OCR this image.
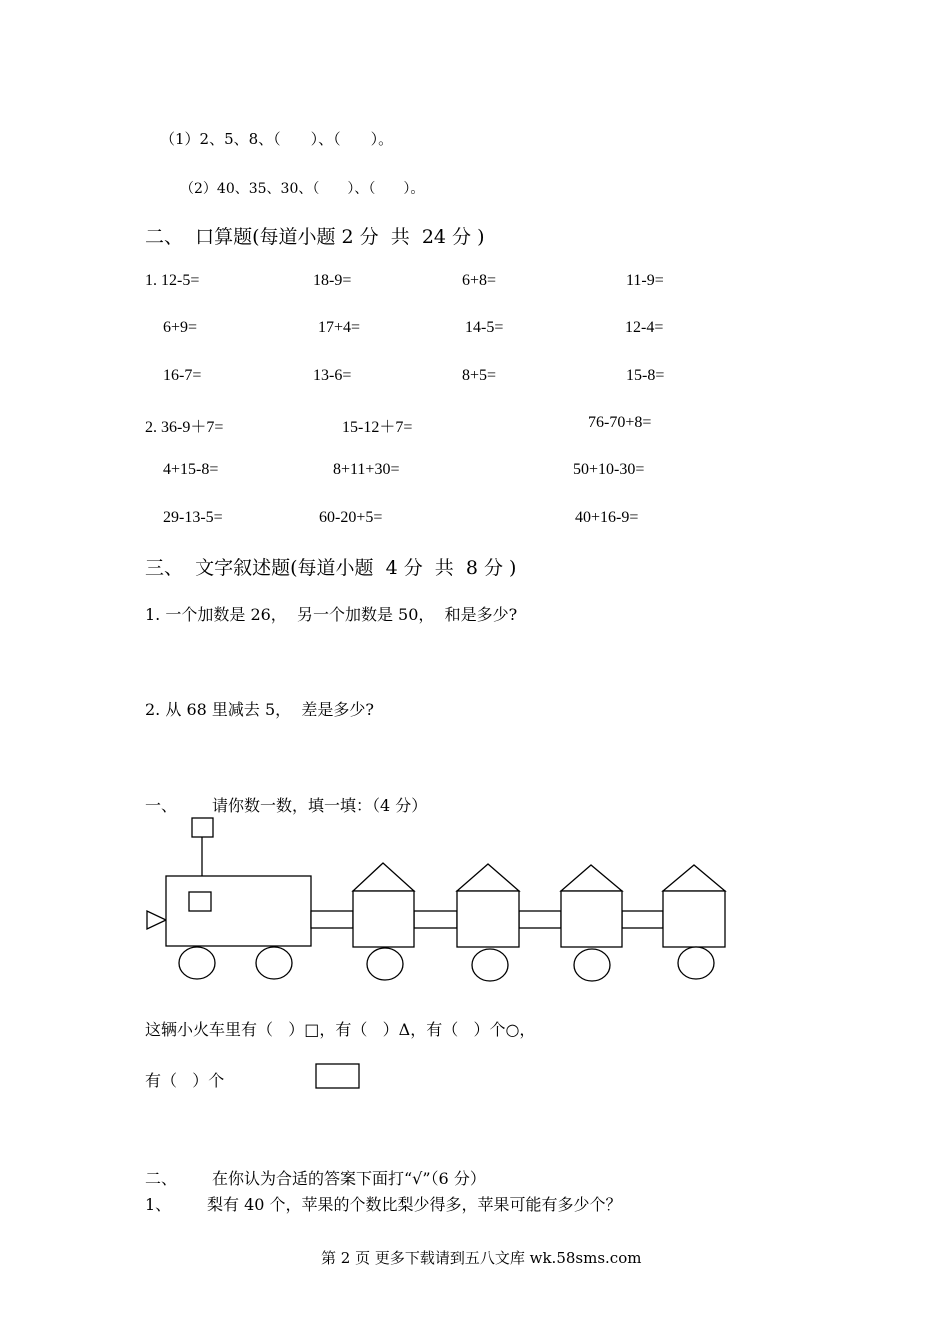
（1）2、5、8、（　　）、（　　）。
（2）40、35、30、（　　）、（　　）。
二、  口算题(每道小题 2 分  共  24 分 )
1. 12-5=	18-9=	6+8=	11-9=
6+9=	17+4=	14-5=	12-4=
16-7=	13-6=	8+5=	15-8=
2. 36-9＋7=	15-12＋7=	76-70+8=
4+15-8=	8+11+30=	50+10-30=
29-13-5=	60-20+5=	40+16-9=
三、  文字叙述题(每道小题  4 分  共  8 分 )
1. 一个加数是 26，  另一个加数是 50，  和是多少?
2. 从 68 里减去 5，  差是多少?
一、 请你数一数，填一填：（4 分）
这辆小火车里有（   ）□，有（   ）Δ，有（   ）个○，
有（   ）个
二、 在你认为合适的答案下面打“√”（6 分）
1、 梨有 40 个，苹果的个数比梨少得多，苹果可能有多少个？
第 2 页 更多下载请到五八文库 wk.58sms.com
